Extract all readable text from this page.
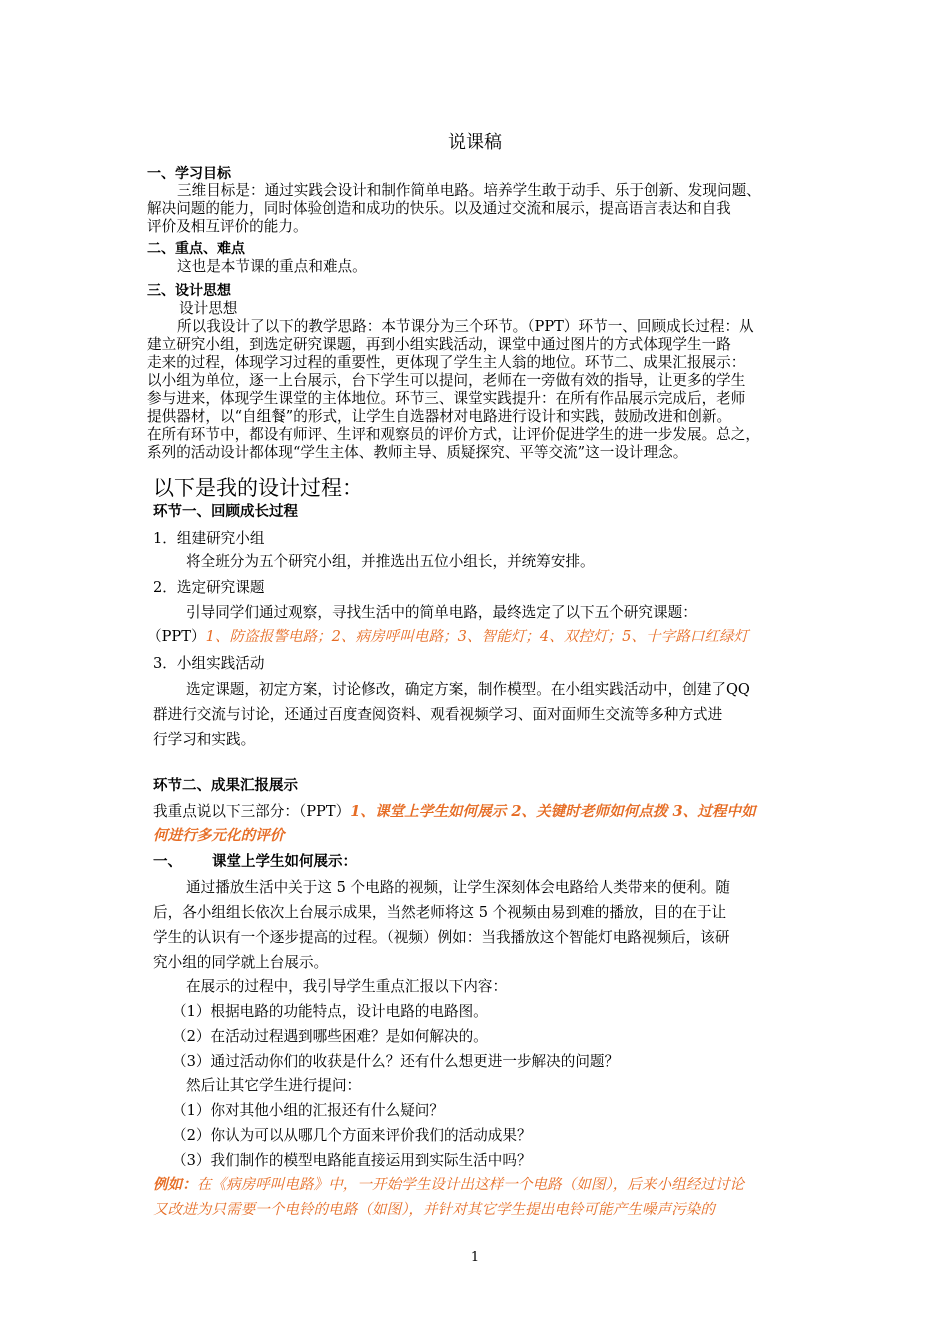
说课稿
一、学习目标
三维目标是：通过实践会设计和制作简单电路。培养学生敢于动手、乐于创新、发现问题、
解决问题的能力，同时体验创造和成功的快乐。以及通过交流和展示，提高语言表达和自我
评价及相互评价的能力。
二、重点、难点
这也是本节课的重点和难点。
三、设计思想
设计思想
所以我设计了以下的教学思路：本节课分为三个环节。（PPT）环节一、回顾成长过程：从
建立研究小组，到选定研究课题，再到小组实践活动，课堂中通过图片的方式体现学生一路
走来的过程，体现学习过程的重要性，更体现了学生主人翁的地位。环节二、成果汇报展示：
以小组为单位，逐一上台展示，台下学生可以提问，老师在一旁做有效的指导，让更多的学生
参与进来，体现学生课堂的主体地位。环节三、课堂实践提升：在所有作品展示完成后，老师
提供器材，以“自组餐”的形式，让学生自选器材对电路进行设计和实践，鼓励改进和创新。
在所有环节中，都设有师评、生评和观察员的评价方式，让评价促进学生的进一步发展。总之，
系列的活动设计都体现“学生主体、教师主导、质疑探究、平等交流”这一设计理念。
以下是我的设计过程：
环节一、回顾成长过程
1．组建研究小组
将全班分为五个研究小组，并推选出五位小组长，并统筹安排。
2．选定研究课题
引导同学们通过观察，寻找生活中的简单电路，最终选定了以下五个研究课题：
（PPT）1、防盗报警电路；2、病房呼叫电路；3、智能灯；4、双控灯；5、十字路口红绿灯
3．小组实践活动
选定课题，初定方案，讨论修改，确定方案，制作模型。在小组实践活动中，创建了QQ
群进行交流与讨论，还通过百度查阅资料、观看视频学习、面对面师生交流等多种方式进
行学习和实践。
环节二、成果汇报展示
我重点说以下三部分：（PPT）1、课堂上学生如何展示 2、关键时老师如何点拨 3、过程中如
何进行多元化的评价
一、 课堂上学生如何展示：
通过播放生活中关于这 5 个电路的视频，让学生深刻体会电路给人类带来的便利。随
后，各小组组长依次上台展示成果，当然老师将这 5 个视频由易到难的播放，目的在于让
学生的认识有一个逐步提高的过程。（视频）例如：当我播放这个智能灯电路视频后，该研
究小组的同学就上台展示。
在展示的过程中，我引导学生重点汇报以下内容：
（1）根据电路的功能特点，设计电路的电路图。
（2）在活动过程遇到哪些困难？是如何解决的。
（3）通过活动你们的收获是什么？还有什么想更进一步解决的问题？
然后让其它学生进行提问：
（1）你对其他小组的汇报还有什么疑问？
（2）你认为可以从哪几个方面来评价我们的活动成果？
（3）我们制作的模型电路能直接运用到实际生活中吗？
例如：在《病房呼叫电路》中，一开始学生设计出这样一个电路（如图），后来小组经过讨论
又改进为只需要一个电铃的电路（如图），并针对其它学生提出电铃可能产生噪声污染的
1
